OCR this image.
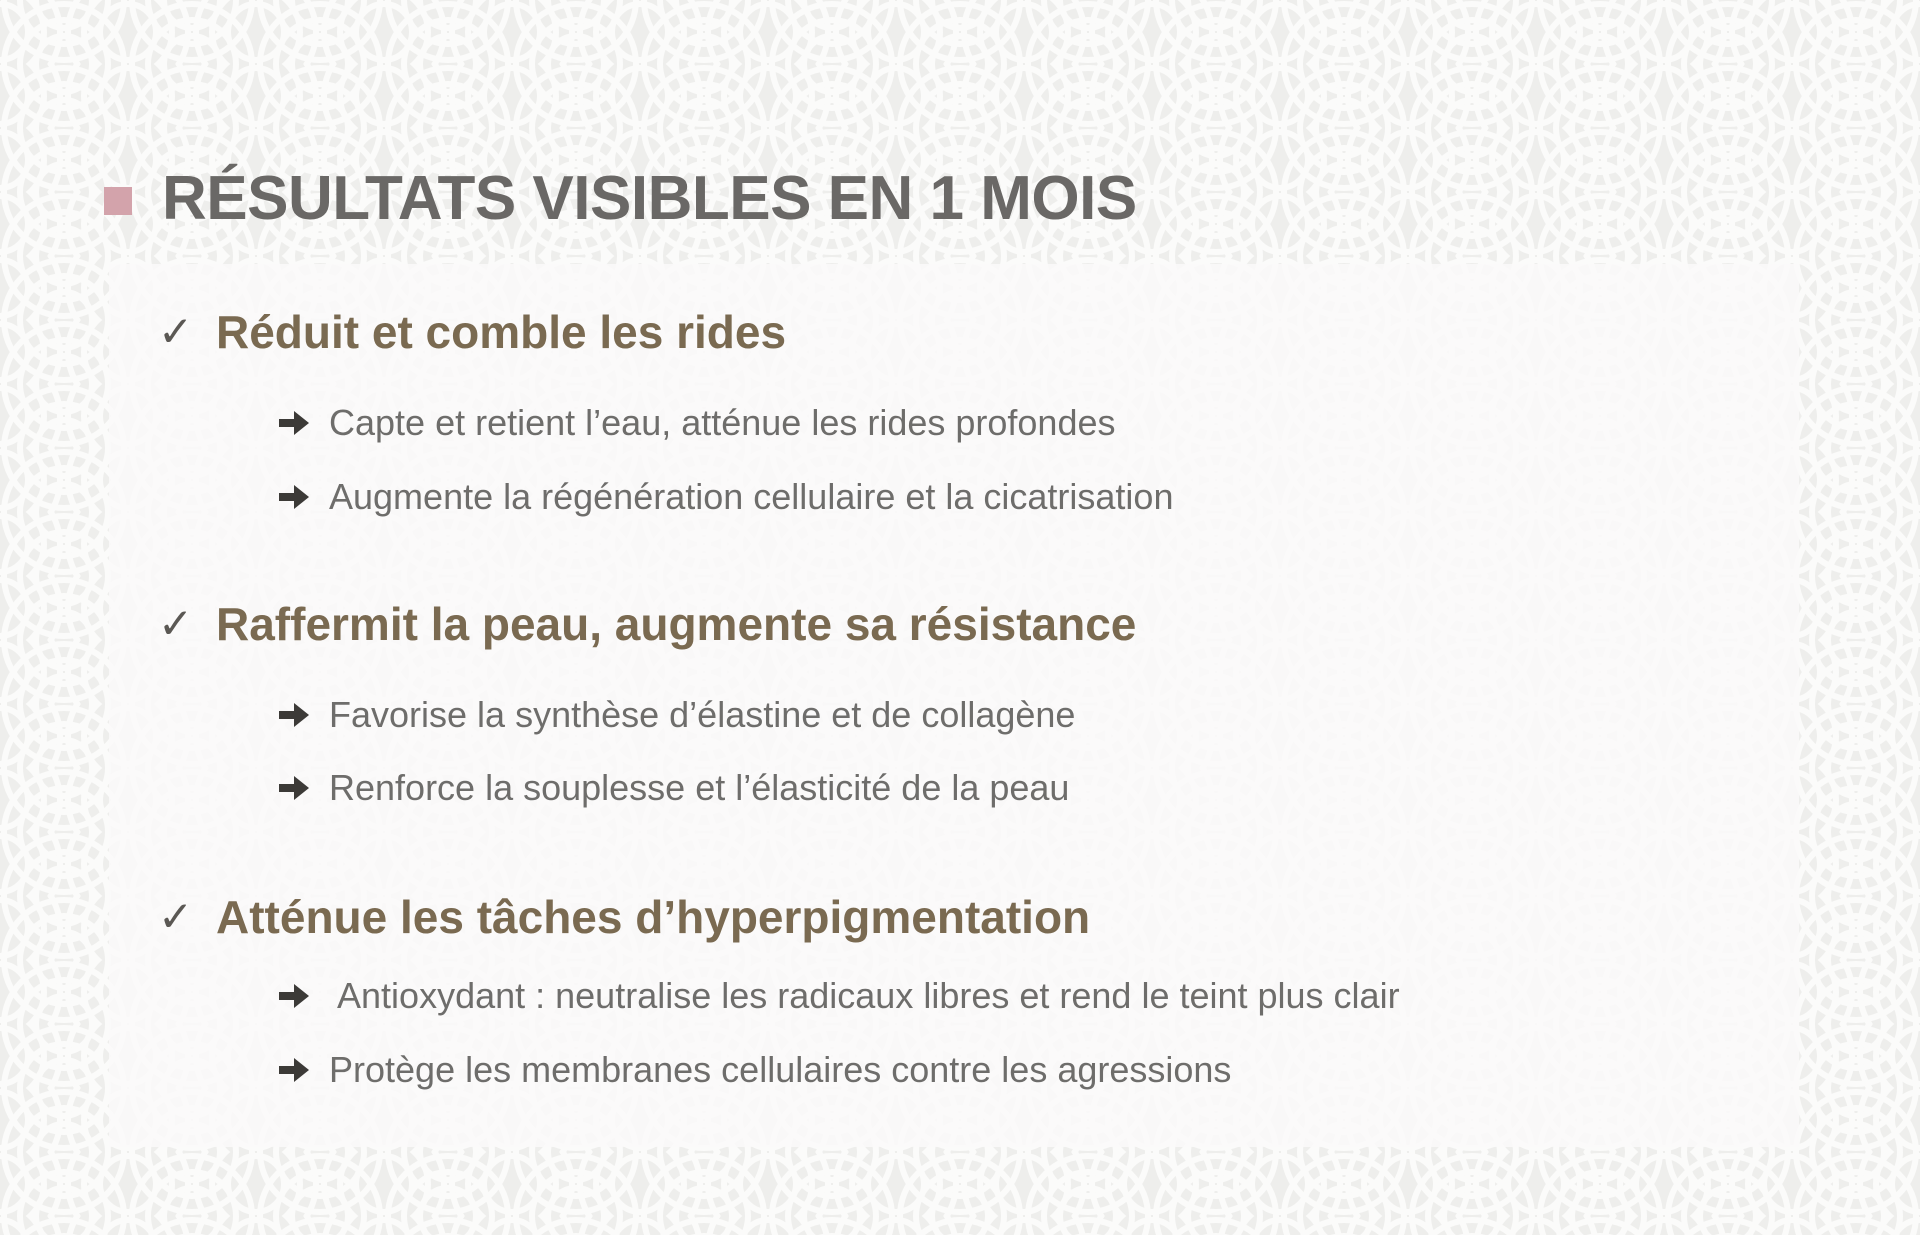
RÉSULTATS VISIBLES EN 1 MOIS
✓ Réduit et comble les rides
Capte et retient l’eau, atténue les rides profondes
Augmente la régénération cellulaire et la cicatrisation
✓ Raffermit la peau, augmente sa résistance
Favorise la synthèse d’élastine et de collagène
Renforce la souplesse et l’élasticité de la peau
✓ Atténue les tâches d’hyperpigmentation
Antioxydant : neutralise les radicaux libres et rend le teint plus clair
Protège les membranes cellulaires contre les agressions
